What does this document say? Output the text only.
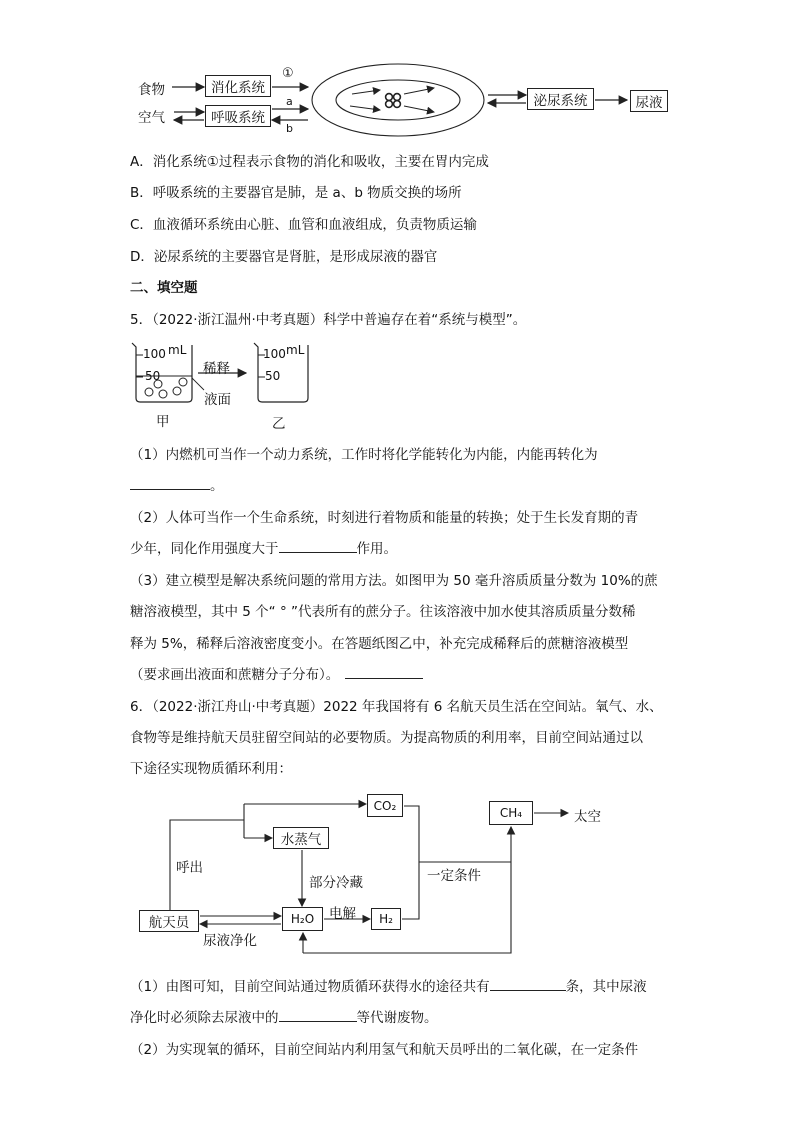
食物
空气
消化系统
呼吸系统
①
a
b
泌尿系统	尿液
A．消化系统①过程表示食物的消化和吸收，主要在胃内完成
B．呼吸系统的主要器官是肺，是 a、b 物质交换的场所
C．血液循环系统由心脏、血管和血液组成，负责物质运输
D．泌尿系统的主要器官是肾脏，是形成尿液的器官
二、填空题
5．（2022·浙江温州·中考真题）科学中普遍存在着“系统与模型”。
100 mL
50	稀释
液面
100 mL
50
甲	乙
（1）内燃机可当作一个动力系统，工作时将化学能转化为内能，内能再转化为
。
（2）人体可当作一个生命系统，时刻进行着物质和能量的转换；处于生长发育期的青
少年，同化作用强度大于	作用。
（3）建立模型是解决系统问题的常用方法。如图甲为 50 毫升溶质质量分数为 10%的蔗
糖溶液模型，其中 5 个“ ° ”代表所有的蔗分子。往该溶液中加水使其溶质质量分数稀
释为 5%，稀释后溶液密度变小。在答题纸图乙中，补充完成稀释后的蔗糖溶液模型
（要求画出液面和蔗糖分子分布）。
6．（2022·浙江舟山·中考真题）2022 年我国将有 6 名航天员生活在空间站。氧气、水、
食物等是维持航天员驻留空间站的必要物质。为提高物质的利用率，目前空间站通过以
下途径实现物质循环利用：
CO₂
水蒸气
呼出
部分冷藏
航天员
尿液净化
H₂O	电解	H₂
一定条件
CH₄	太空
（1）由图可知，目前空间站通过物质循环获得水的途径共有	条，其中尿液
净化时必须除去尿液中的	等代谢废物。
（2）为实现氧的循环，目前空间站内利用氢气和航天员呼出的二氧化碳，在一定条件
